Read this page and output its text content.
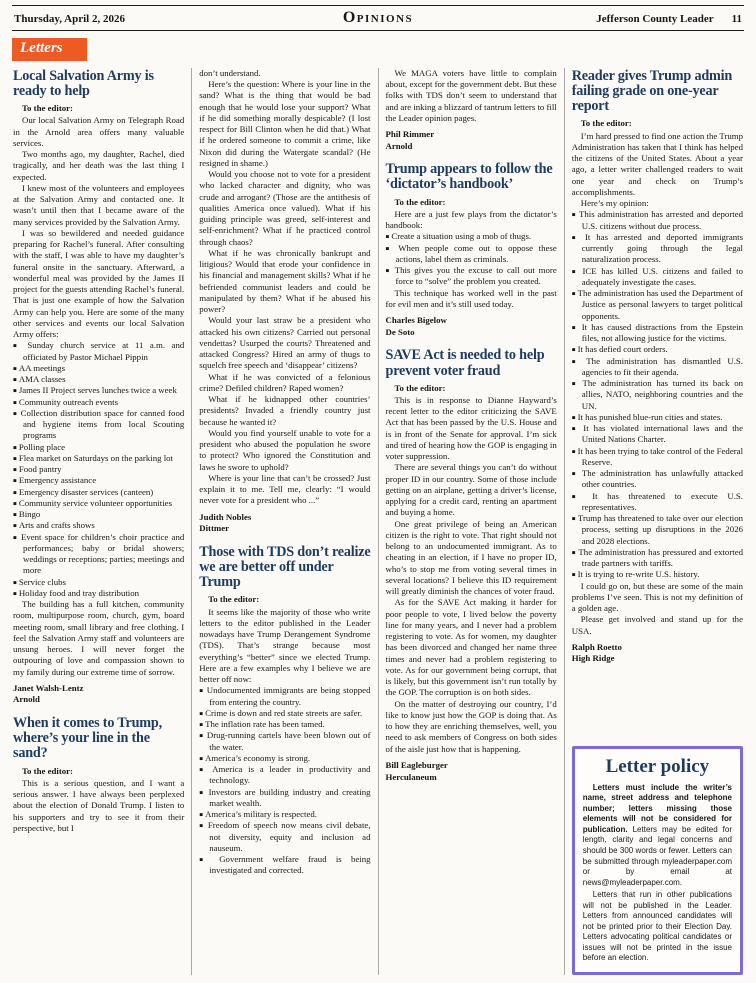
Thursday, April 2, 2026	Opinions	Jefferson County Leader 11
Letters
Local Salvation Army is ready to help

To the editor:

Our local Salvation Army on Telegraph Road in the Arnold area offers many valuable services.

Two months ago, my daughter, Rachel, died tragically, and her death was the last thing I expected.

I knew most of the volunteers and employees at the Salvation Army and contacted one. It wasn’t until then that I became aware of the many services provided by the Salvation Army.

I was so bewildered and needed guidance preparing for Rachel’s funeral. After consulting with the staff, I was able to have my daughter’s funeral onsite in the sanctuary. Afterward, a wonderful meal was provided by the James II project for the guests attending Rachel’s funeral. That is just one example of how the Salvation Army can help you. Here are some of the many other services and events our local Salvation Army offers:

■ Sunday church service at 11 a.m. and officiated by Pastor Michael Pippin

■ AA meetings

■ AMA classes

■ James II Project serves lunches twice a week

■ Community outreach events

■ Collection distribution space for canned food and hygiene items from local Scouting programs

■ Polling place

■ Flea market on Saturdays on the parking lot

■ Food pantry

■ Emergency assistance

■ Emergency disaster services (canteen)

■ Community service volunteer opportunities

■ Bingo

■ Arts and crafts shows

■ Event space for children’s choir practice and performances; baby or bridal showers; weddings or receptions; parties; meetings and more

■ Service clubs

■ Holiday food and tray distribution

The building has a full kitchen, community room, multipurpose room, church, gym, board meeting room, small library and free clothing. I feel the Salvation Army staff and volunteers are unsung heroes. I will never forget the outpouring of love and compassion shown to my family during our extreme time of sorrow.

Janet Walsh-Lentz
Arnold

When it comes to Trump, where’s your line in the sand?

To the editor:

This is a serious question, and I want a serious answer. I have always been perplexed about the election of Donald Trump. I listen to his supporters and try to see it from their perspective, but I

don’t understand.

Here’s the question: Where is your line in the sand? What is the thing that would be bad enough that he would lose your support? What if he did something morally despicable? (I lost respect for Bill Clinton when he did that.) What if he ordered someone to commit a crime, like Nixon did during the Watergate scandal? (He resigned in shame.)

Would you choose not to vote for a president who lacked character and dignity, who was crude and arrogant? (Those are the antithesis of qualities America once valued). What if his guiding principle was greed, self-interest and self-enrichment? What if he practiced control through chaos?

What if he was chronically bankrupt and litigious? Would that erode your confidence in his financial and management skills? What if he befriended communist leaders and could be manipulated by them? What if he abused his power?

Would your last straw be a president who attacked his own citizens? Carried out personal vendettas? Usurped the courts? Threatened and attacked Congress? Hired an army of thugs to squelch free speech and ‘disappear’ citizens?

What if he was convicted of a felonious crime? Defiled children? Raped women?

What if he kidnapped other countries’ presidents? Invaded a friendly country just because he wanted it?

Would you find yourself unable to vote for a president who abused the population he swore to protect? Who ignored the Constitution and laws he swore to uphold?

Where is your line that can’t be crossed? Just explain it to me. Tell me, clearly: “I would never vote for a president who ...”

Judith Nobles
Dittmer

Those with TDS don’t realize we are better off under Trump

To the editor:

It seems like the majority of those who write letters to the editor published in the Leader nowadays have Trump Derangement Syndrome (TDS). That’s strange because most everything’s “better” since we elected Trump. Here are a few examples why I believe we are better off now:

■ Undocumented immigrants are being stopped from entering the country.

■ Crime is down and red state streets are safer.

■ The inflation rate has been tamed.

■ Drug-running cartels have been blown out of the water.

■ America’s economy is strong.

■ America is a leader in productivity and technology.

■ Investors are building industry and creating market wealth.

■ America’s military is respected.

■ Freedom of speech now means civil debate, not diversity, equity and inclusion ad nauseum.

■ Government welfare fraud is being investigated and corrected.

We MAGA voters have little to complain about, except for the government debt. But these folks with TDS don’t seem to understand that and are inking a blizzard of tantrum letters to fill the Leader opinion pages.

Phil Rimmer
Arnold

Trump appears to follow the ‘dictator’s handbook’

To the editor:

Here are a just few plays from the dictator’s handbook:

■ Create a situation using a mob of thugs.

■ When people come out to oppose these actions, label them as criminals.

■ This gives you the excuse to call out more force to “solve” the problem you created.

This technique has worked well in the past for evil men and it’s still used today.

Charles Bigelow
De Soto

SAVE Act is needed to help prevent voter fraud

To the editor:

This is in response to Dianne Hayward’s recent letter to the editor criticizing the SAVE Act that has been passed by the U.S. House and is in front of the Senate for approval. I’m sick and tired of hearing how the GOP is engaging in voter suppression.

There are several things you can’t do without proper ID in our country. Some of those include getting on an airplane, getting a driver’s license, applying for a credit card, renting an apartment and buying a home.

One great privilege of being an American citizen is the right to vote. That right should not belong to an undocumented immigrant. As to cheating in an election, if I have no proper ID, who’s to stop me from voting several times in several locations? I believe this ID requirement will greatly diminish the chances of voter fraud.

As for the SAVE Act making it harder for poor people to vote, I lived below the poverty line for many years, and I never had a problem registering to vote. As for women, my daughter has been divorced and changed her name three times and never had a problem registering to vote. As for our government being corrupt, that is likely, but this government isn’t run totally by the GOP. The corruption is on both sides.

On the matter of destroying our country, I’d like to know just how the GOP is doing that. As to how they are enriching themselves, well, you need to ask members of Congress on both sides of the aisle just how that is happening.

Bill Eagleburger
Herculaneum

Reader gives Trump admin failing grade on one-year report

To the editor:

I’m hard pressed to find one action the Trump Administration has taken that I think has helped the citizens of the United States. About a year ago, a letter writer challenged readers to wait one year and check on Trump’s accomplishments.

Here’s my opinion:

■ This administration has arrested and deported U.S. citizens without due process.

■ It has arrested and deported immigrants currently going through the legal naturalization process.

■ ICE has killed U.S. citizens and failed to adequately investigate the cases.

■ The administration has used the Department of Justice as personal lawyers to target political opponents.

■ It has caused distractions from the Epstein files, not allowing justice for the victims.

■ It has defied court orders.

■ The administration has dismantled U.S. agencies to fit their agenda.

■ The administration has turned its back on allies, NATO, neighboring countries and the UN.

■ It has punished blue-run cities and states.

■ It has violated international laws and the United Nations Charter.

■ It has been trying to take control of the Federal Reserve.

■ The administration has unlawfully attacked other countries.

■ It has threatened to execute U.S. representatives.

■ Trump has threatened to take over our election process, setting up disruptions in the 2026 and 2028 elections.

■ The administration has pressured and extorted trade partners with tariffs.

■ It is trying to re-write U.S. history.

I could go on, but these are some of the main problems I’ve seen. This is not my definition of a golden age.

Please get involved and stand up for the USA.

Ralph Roetto
High Ridge

Letter policy

Letters must include the writer’s name, street address and telephone number; letters missing those elements will not be considered for publication. Letters may be edited for length, clarity and legal concerns and should be 300 words or fewer. Letters can be submitted through myleaderpaper.com or by email at news@myleaderpaper.com.

Letters that run in other publications will not be published in the Leader. Letters from announced candidates will not be printed prior to their Election Day. Letters advocating political candidates or issues will not be printed in the issue before an election.
